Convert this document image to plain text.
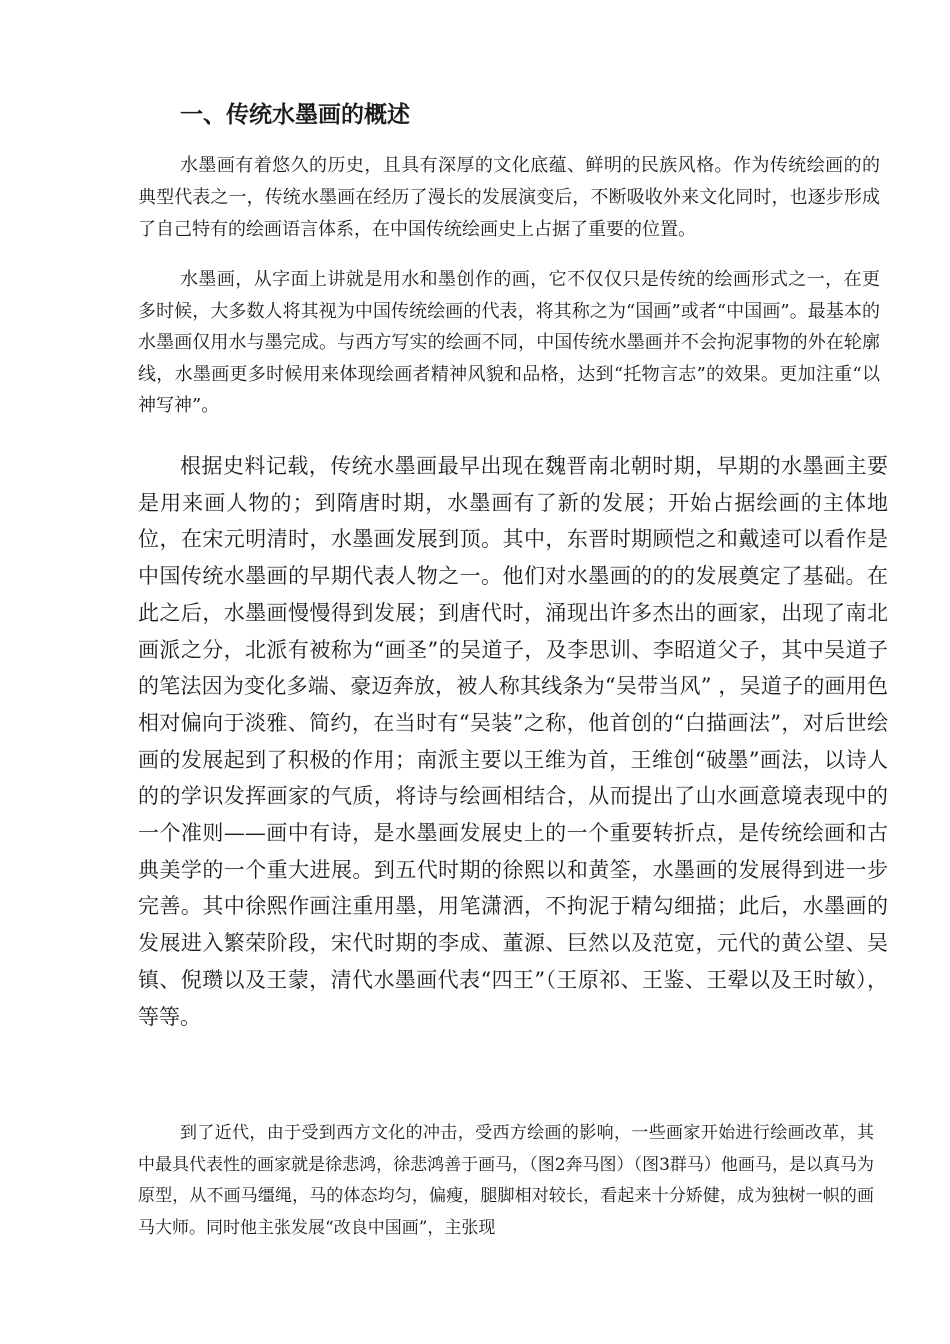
一、传统水墨画的概述

水墨画有着悠久的历史，且具有深厚的文化底蕴、鲜明的民族风格。作为传统绘画的的典型代表之一，传统水墨画在经历了漫长的发展演变后，不断吸收外来文化同时，也逐步形成了自己特有的绘画语言体系，在中国传统绘画史上占据了重要的位置。

水墨画，从字面上讲就是用水和墨创作的画，它不仅仅只是传统的绘画形式之一，在更多时候，大多数人将其视为中国传统绘画的代表，将其称之为“国画”或者“中国画”。最基本的水墨画仅用水与墨完成。与西方写实的绘画不同，中国传统水墨画并不会拘泥事物的外在轮廓线，水墨画更多时候用来体现绘画者精神风貌和品格，达到“托物言志”的效果。更加注重“以神写神”。

根据史料记载，传统水墨画最早出现在魏晋南北朝时期，早期的水墨画主要是用来画人物的；到隋唐时期，水墨画有了新的发展；开始占据绘画的主体地位，在宋元明清时，水墨画发展到顶。其中，东晋时期顾恺之和戴逵可以看作是中国传统水墨画的早期代表人物之一。他们对水墨画的的的发展奠定了基础。在此之后，水墨画慢慢得到发展；到唐代时，涌现出许多杰出的画家，出现了南北画派之分，北派有被称为“画圣”的吴道子，及李思训、李昭道父子，其中吴道子的笔法因为变化多端、豪迈奔放，被人称其线条为“吴带当风” ，吴道子的画用色相对偏向于淡雅、简约，在当时有“吴装”之称，他首创的“白描画法”，对后世绘画的发展起到了积极的作用；南派主要以王维为首，王维创“破墨”画法，以诗人的的学识发挥画家的气质，将诗与绘画相结合，从而提出了山水画意境表现中的一个准则——画中有诗，是水墨画发展史上的一个重要转折点，是传统绘画和古典美学的一个重大进展。到五代时期的徐熙以和黄筌，水墨画的发展得到进一步完善。其中徐熙作画注重用墨，用笔潇洒，不拘泥于精勾细描；此后，水墨画的发展进入繁荣阶段，宋代时期的李成、董源、巨然以及范宽，元代的黄公望、吴镇、倪瓒以及王蒙，清代水墨画代表“四王”（王原祁、王鉴、王翚以及王时敏），等等。

到了近代，由于受到西方文化的冲击，受西方绘画的影响，一些画家开始进行绘画改革，其中最具代表性的画家就是徐悲鸿，徐悲鸿善于画马，（图2奔马图）（图3群马）他画马，是以真马为原型，从不画马缰绳，马的体态均匀，偏瘦，腿脚相对较长，看起来十分矫健，成为独树一帜的画马大师。同时他主张发展“改良中国画”，主张现
